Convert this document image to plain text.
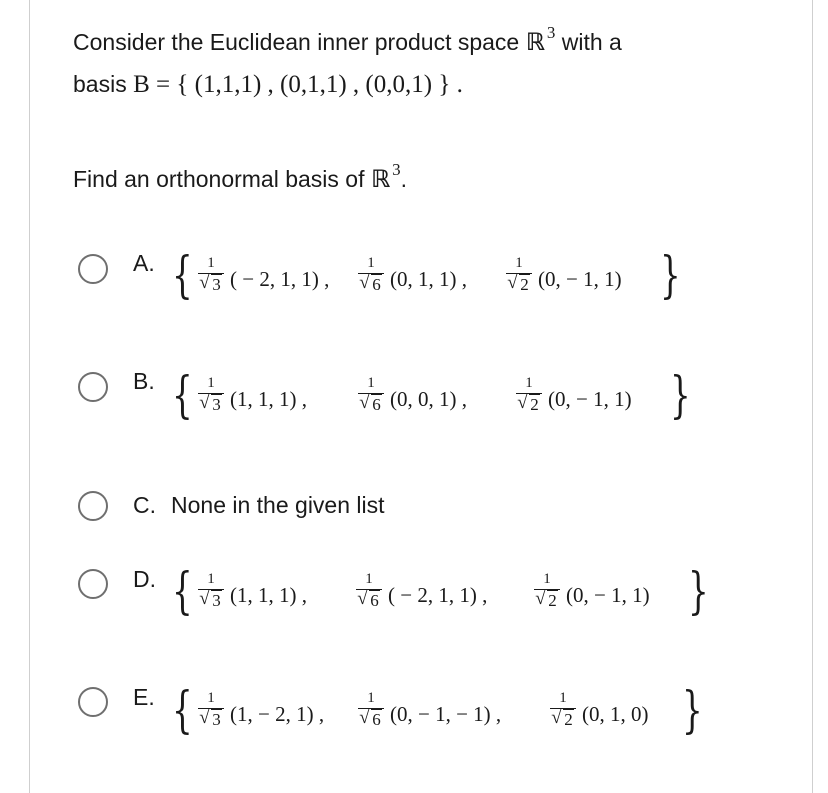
Consider the Euclidean inner product space ℝ $^3$ with a
basis B = { (1,1,1) , (0,1,1) , (0,0,1) } .
Find an orthonormal basis of ℝ $^3$.
A. { 1
√ 3 ( − 2, 1, 1) ,
1
√ 6 (0, 1, 1) ,
1
√ 2 (0, − 1, 1) }
B. { 1
√ 3 (1, 1, 1) ,
1
√ 6 (0, 0, 1) ,
1
√ 2 (0, − 1, 1) }
C. None in the given list
D. { 1
√ 3 (1, 1, 1) ,
1
√ 6 ( − 2, 1, 1) ,
1
√ 2 (0, − 1, 1) }
E. { 1
√ 3 (1, − 2, 1) ,
1
√ 6 (0, − 1, − 1) ,
1
√ 2 (0, 1, 0) }
